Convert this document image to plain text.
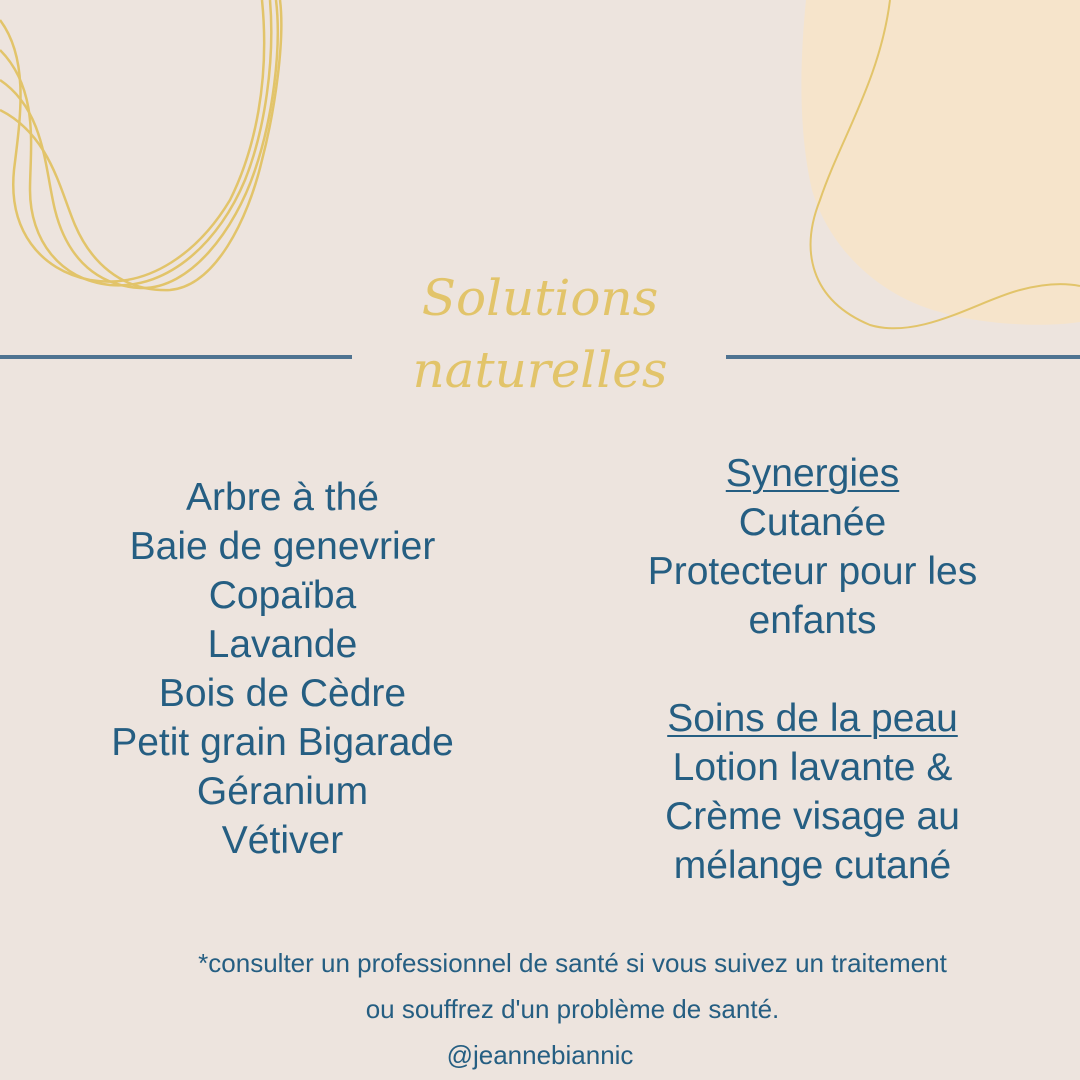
Solutions
naturelles
Arbre à thé
Baie de genevrier
Copaïba
Lavande
Bois de Cèdre
Petit grain Bigarade
Géranium
Vétiver
Synergies
Cutanée
Protecteur pour les
enfants
Soins de la peau
Lotion lavante &
Crème visage au
mélange cutané
*consulter un professionnel de santé si vous suivez un traitement
ou souffrez d'un problème de santé.
@jeannebiannic
